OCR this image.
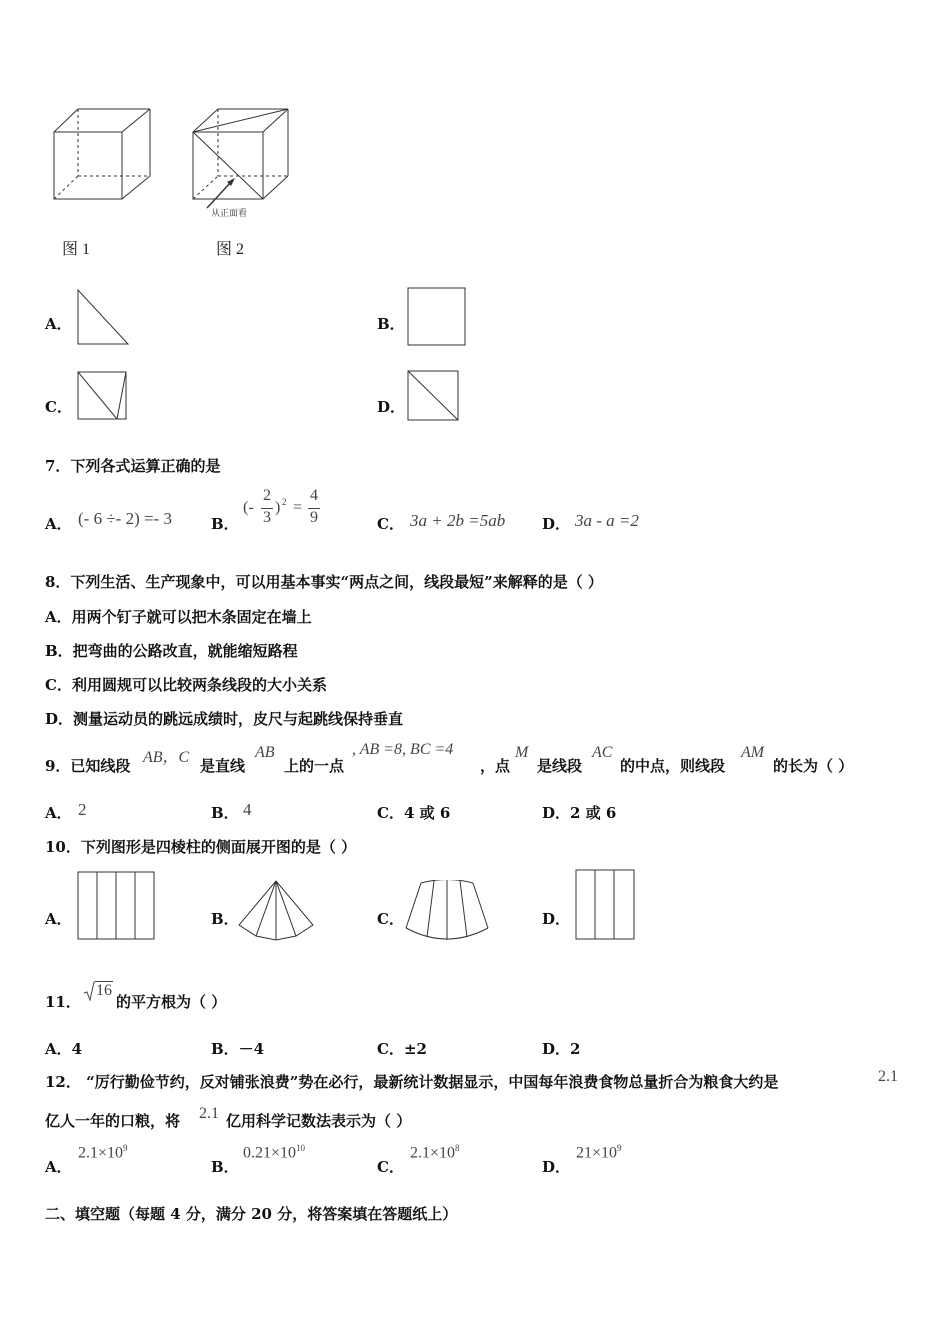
图 1
从正面看
图 2
A．	B．
C．	D．
7．下列各式运算正确的是
A． (- 6 ÷- 2) =- 3	B．
(-
2
3
) 2 =
4
9	C． 3a + 2b =5ab D． 3a - a =2
8．下列生活、生产现象中，可以用基本事实“两点之间，线段最短”来解释的是（ ）
A．用两个钉子就可以把木条固定在墙上
B．把弯曲的公路改直，就能缩短路程
C．利用圆规可以比较两条线段的大小关系
D．测量运动员的跳远成绩时，皮尺与起跳线保持垂直
9．已知线段 AB，C 是直线
AB
上的一点
, AB =8, BC =4
，点
M
是线段
AC
的中点，则线段
AM
的长为（ ）
A． 2	B． 4	C．4 或 6	D．2 或 6
10．下列图形是四棱柱的侧面展开图的是（ ）
A．	B．	C．	D．
11．
16
的平方根为（ ）
A．4	B．－4	C．±2	D．2
12． “厉行勤俭节约，反对铺张浪费”势在必行，最新统计数据显示，中国每年浪费食物总量折合为粮食大约是	2.1
亿人一年的口粮，将 2.1 亿用科学记数法表示为（ ）
A．
$2.1\times 10^9$
B．
$0.21\times 10^{10}$
C．
$2.1\times 10^8$
D．
$21\times 10^9$
二、填空题（每题 4 分，满分 20 分，将答案填在答题纸上）
